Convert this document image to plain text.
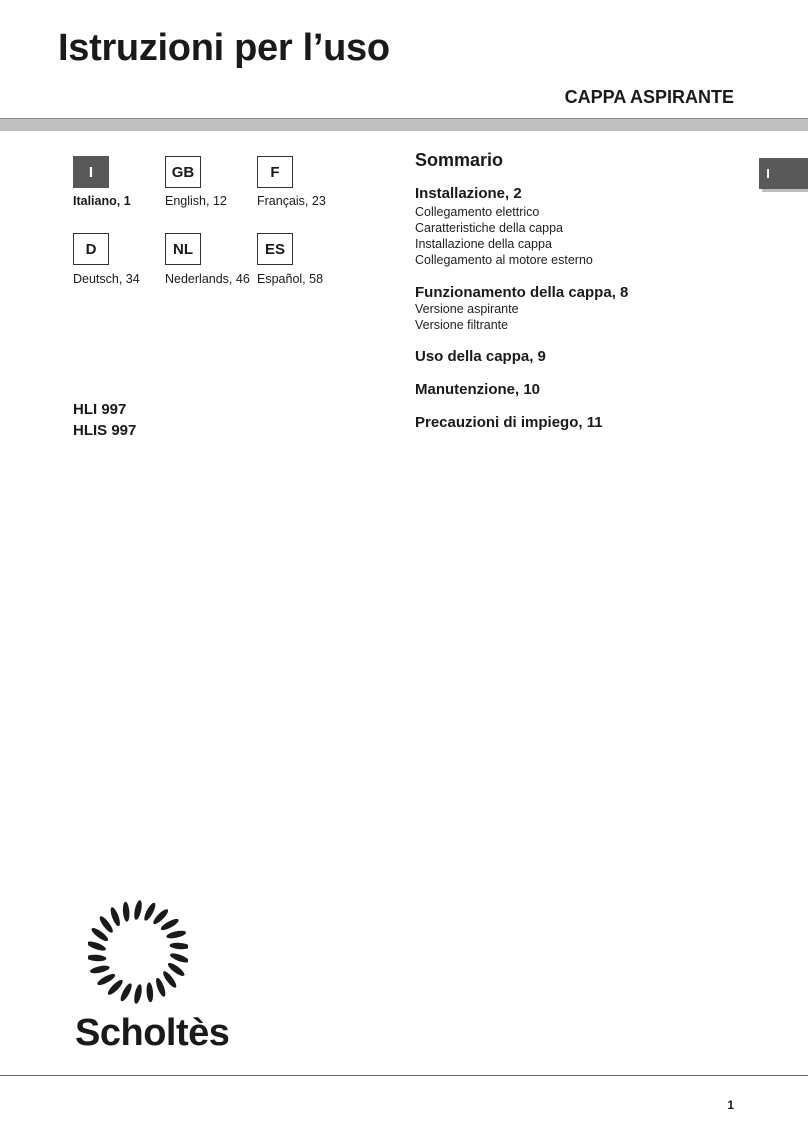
Istruzioni per l’uso
CAPPA ASPIRANTE
I	GB	F
Italiano, 1	English, 12 Français, 23
D	NL	ES
Deutsch, 34 Nederlands, 46 Español, 58
HLI 997
HLIS 997
Sommario
Installazione, 2
Collegamento elettrico
Caratteristiche della cappa
Installazione della cappa
Collegamento al motore esterno
Funzionamento della cappa, 8
Versione aspirante
Versione filtrante
Uso della cappa, 9
Manutenzione, 10
Precauzioni di impiego, 11
I
Scholtès
1
